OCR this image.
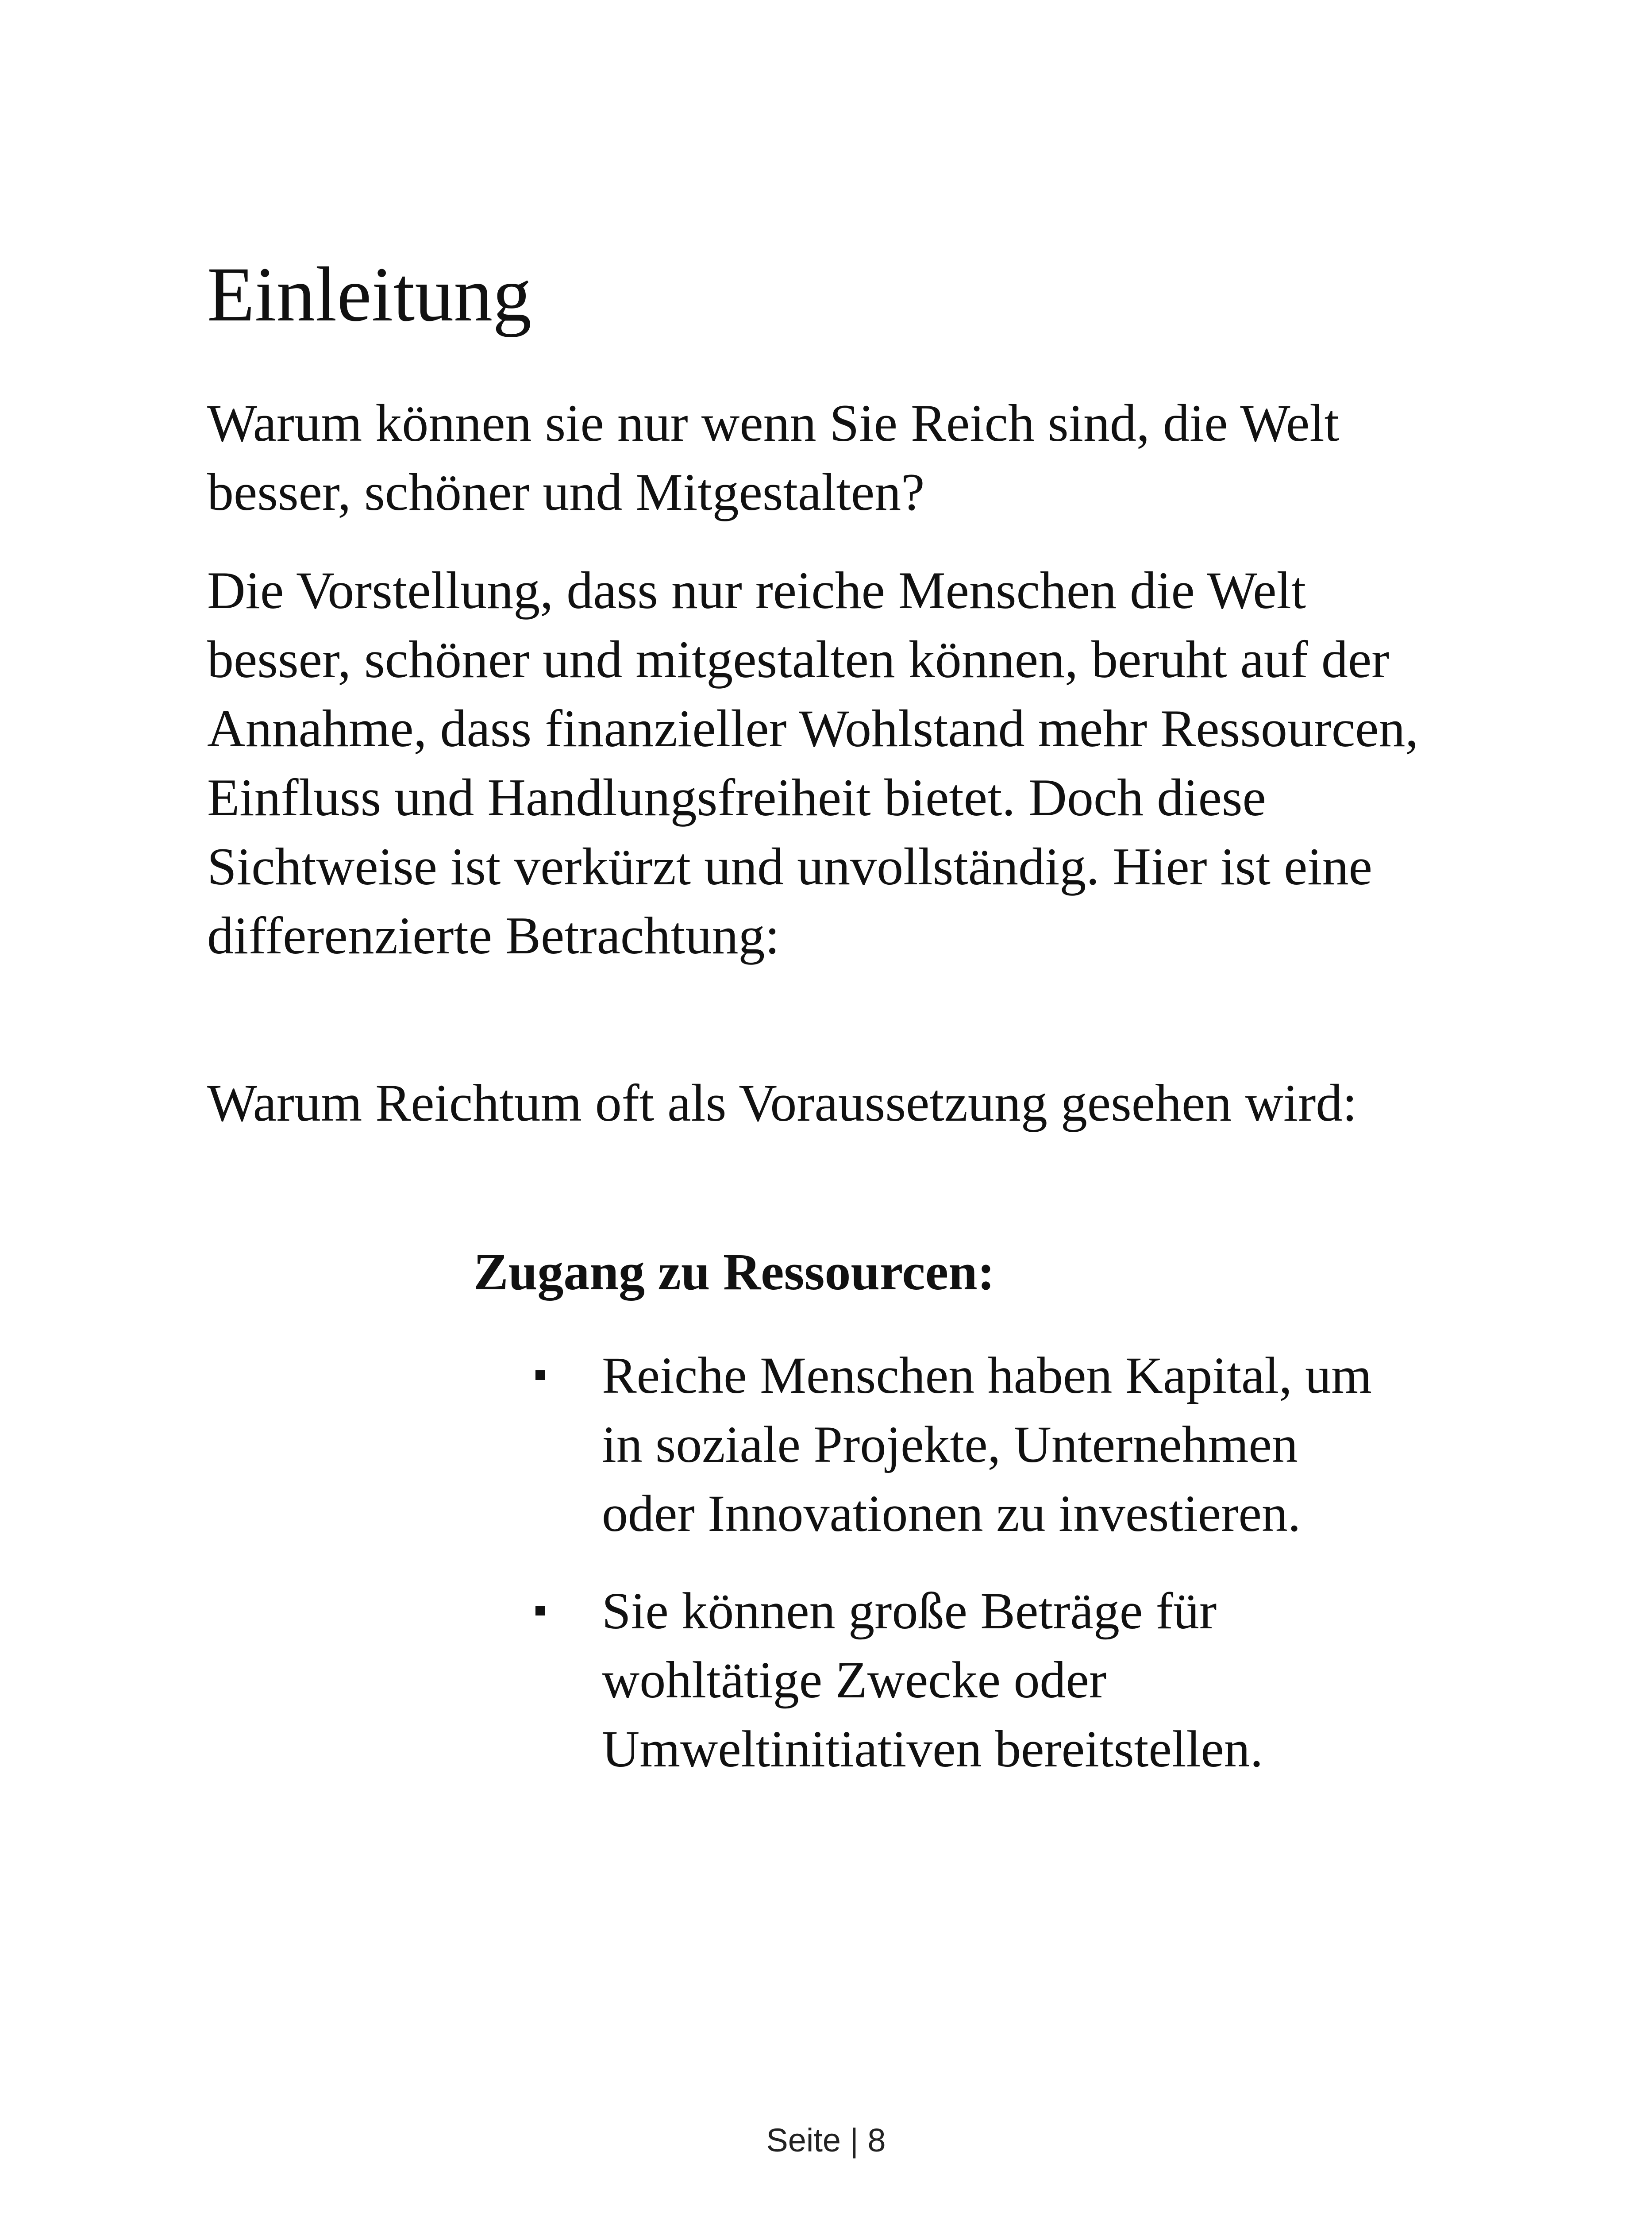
Einleitung

Warum können sie nur wenn Sie Reich sind, die Welt besser, schöner und Mitgestalten?

Die Vorstellung, dass nur reiche Menschen die Welt besser, schöner und mitgestalten können, beruht auf der Annahme, dass finanzieller Wohlstand mehr Ressourcen, Einfluss und Handlungsfreiheit bietet. Doch diese Sichtweise ist verkürzt und unvollständig. Hier ist eine differenzierte Betrachtung:

Warum Reichtum oft als Voraussetzung gesehen wird:

Zugang zu Ressourcen:
Reiche Menschen haben Kapital, um in soziale Projekte, Unternehmen oder Innovationen zu investieren.
Sie können große Beträge für wohltätige Zwecke oder Umweltinitiativen bereitstellen.
Seite | 8
